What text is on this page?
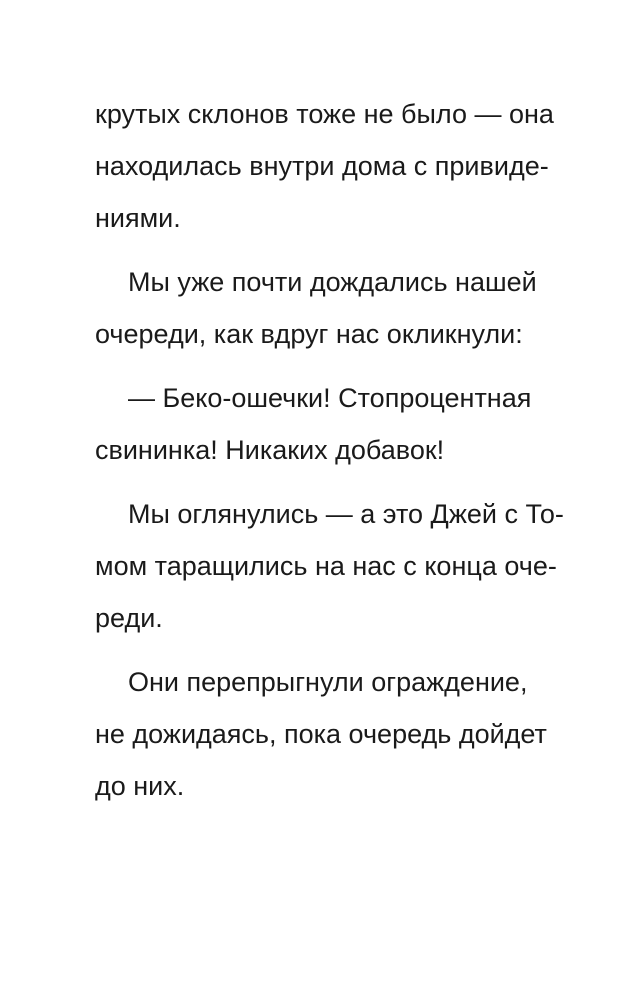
крутых склонов тоже не было — она
находилась внутри дома с привиде-
ниями.
Мы уже почти дождались нашей
очереди, как вдруг нас окликнули:
— Беко-ошечки! Стопроцентная
свининка! Никаких добавок!
Мы оглянулись — а это Джей с То-
мом таращились на нас с конца оче-
реди.
Они перепрыгнули ограждение,
не дожидаясь, пока очередь дойдет
до них.
